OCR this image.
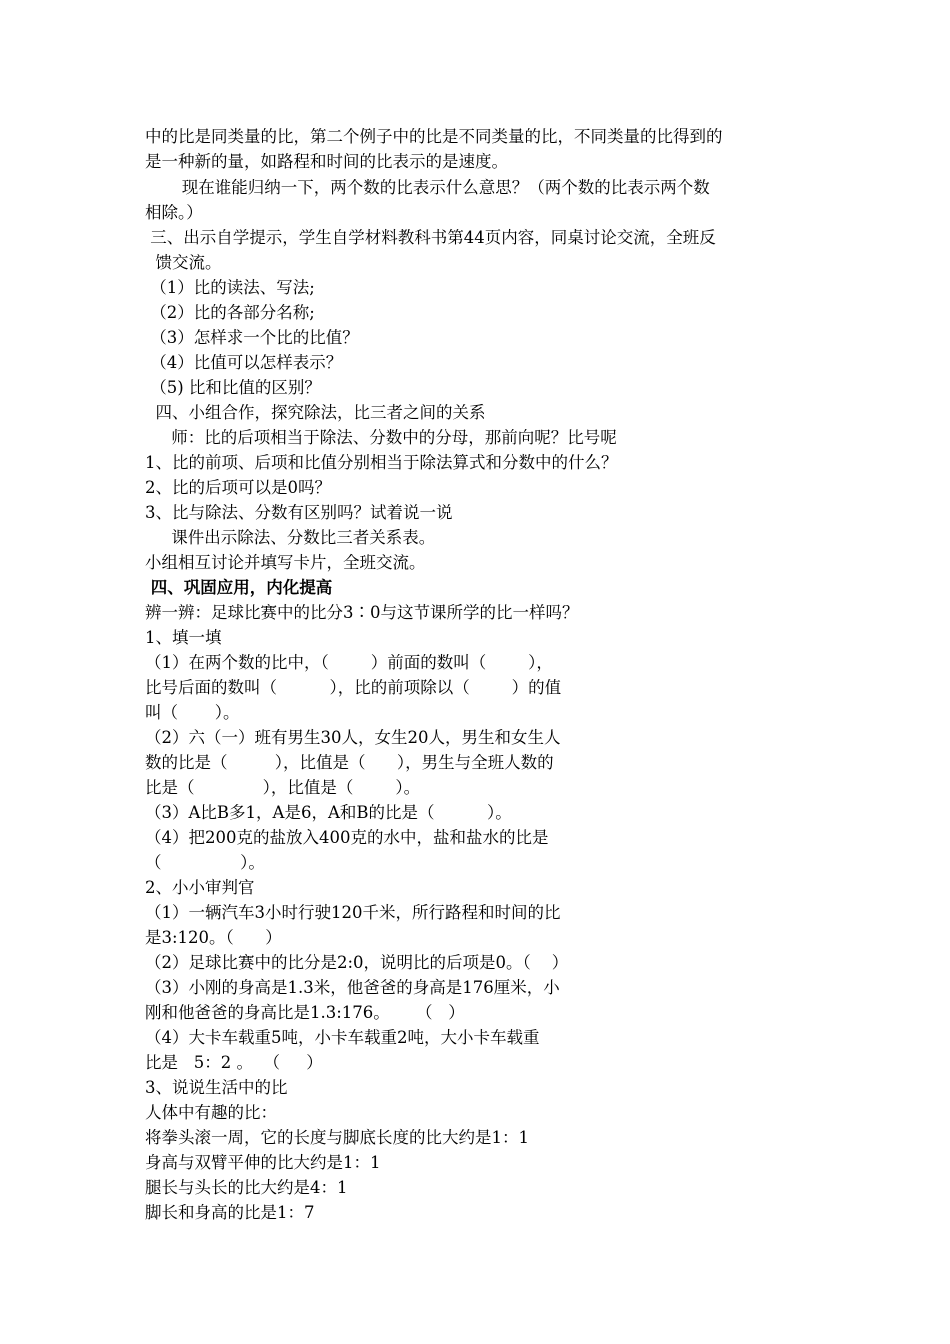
中的比是同类量的比，第二个例子中的比是不同类量的比，不同类量的比得到的
是一种新的量，如路程和时间的比表示的是速度。
现在谁能归纳一下，两个数的比表示什么意思？（两个数的比表示两个数
相除。）
三、出示自学提示，学生自学材料教科书第44页内容，同桌讨论交流，全班反
馈交流。
（1）比的读法、写法;
（2）比的各部分名称;
（3）怎样求一个比的比值？
（4）比值可以怎样表示？
（5) 比和比值的区别？
四、小组合作，探究除法，比三者之间的关系
师：比的后项相当于除法、分数中的分母，那前向呢？比号呢
1、比的前项、后项和比值分别相当于除法算式和分数中的什么？
2、比的后项可以是0吗？
3、比与除法、分数有区别吗？试着说一说
课件出示除法、分数比三者关系表。
小组相互讨论并填写卡片，全班交流。
四、巩固应用，内化提高
辨一辨：足球比赛中的比分3∶0与这节课所学的比一样吗？
1、填一填
（1）在两个数的比中，（        ）前面的数叫（        ），
比号后面的数叫（          ），比的前项除以（        ）的值
叫（       ）。
（2）六（一）班有男生30人，女生20人，男生和女生人
数的比是（         ），比值是（      ），男生与全班人数的
比是（             ），比值是（        ）。
（3）A比B多1，A是6，A和B的比是（          ）。
（4）把200克的盐放入400克的水中，盐和盐水的比是
（               ）。
2、小小审判官
（1）一辆汽车3小时行驶120千米，所行路程和时间的比
是3:120。（      ）
（2）足球比赛中的比分是2:0，说明比的后项是0。（    ）
（3）小刚的身高是1.3米，他爸爸的身高是176厘米，小
刚和他爸爸的身高比是1.3:176。     （   ）
（4）大卡车载重5吨，小卡车载重2吨，大小卡车载重
比是   5：2 。  （     ）
3、说说生活中的比
人体中有趣的比：
将拳头滚一周，它的长度与脚底长度的比大约是1：1
身高与双臂平伸的比大约是1：1
腿长与头长的比大约是4：1
脚长和身高的比是1：7
